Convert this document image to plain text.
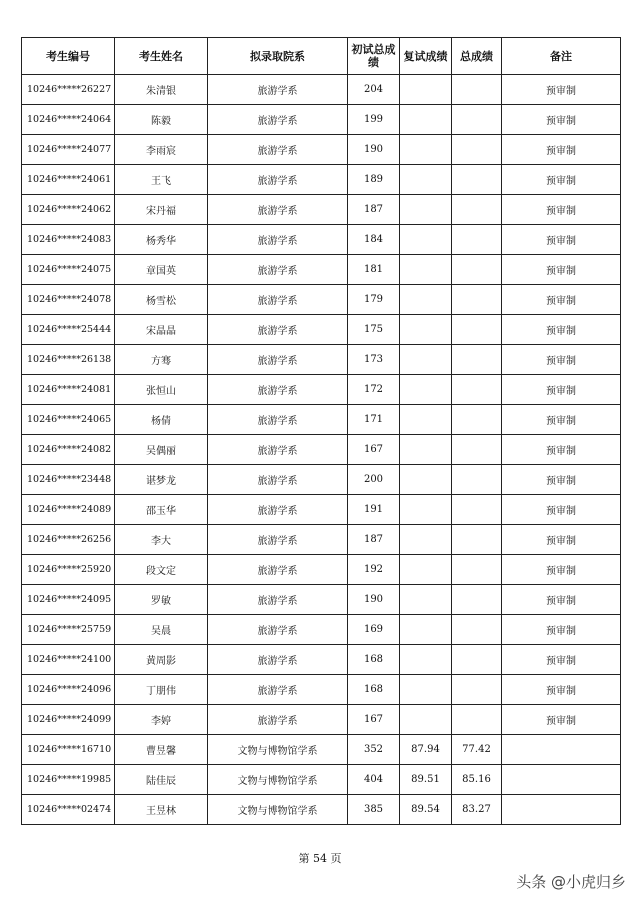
考生编号	考生姓名	拟录取院系	初试总成绩	复试成绩	总成绩	备注
10246*****26227	朱清银	旅游学系	204			预审制
10246*****24064	陈毅	旅游学系	199			预审制
10246*****24077	李雨宸	旅游学系	190			预审制
10246*****24061	王飞	旅游学系	189			预审制
10246*****24062	宋丹福	旅游学系	187			预审制
10246*****24083	杨秀华	旅游学系	184			预审制
10246*****24075	章国英	旅游学系	181			预审制
10246*****24078	杨雪松	旅游学系	179			预审制
10246*****25444	宋晶晶	旅游学系	175			预审制
10246*****26138	方骞	旅游学系	173			预审制
10246*****24081	张恒山	旅游学系	172			预审制
10246*****24065	杨倩	旅游学系	171			预审制
10246*****24082	吴偶丽	旅游学系	167			预审制
10246*****23448	谌梦龙	旅游学系	200			预审制
10246*****24089	邵玉华	旅游学系	191			预审制
10246*****26256	李大	旅游学系	187			预审制
10246*****25920	段文定	旅游学系	192			预审制
10246*****24095	罗敏	旅游学系	190			预审制
10246*****25759	吴晨	旅游学系	169			预审制
10246*****24100	黄周影	旅游学系	168			预审制
10246*****24096	丁朋伟	旅游学系	168			预审制
10246*****24099	李婷	旅游学系	167			预审制
10246*****16710	曹昱馨	文物与博物馆学系	352	87.94	77.42	
10246*****19985	陆佳辰	文物与博物馆学系	404	89.51	85.16	
10246*****02474	王昱林	文物与博物馆学系	385	89.54	83.27	
第 54 页
头条 @小虎归乡
